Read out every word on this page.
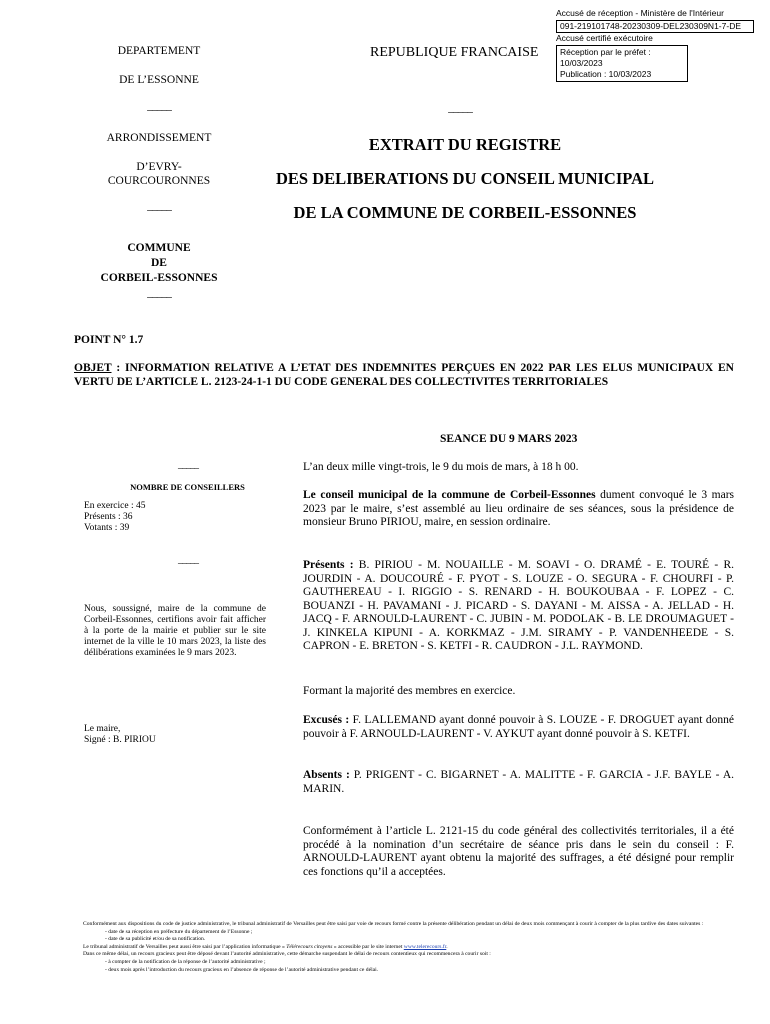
Accusé de réception - Ministère de l'Intérieur
091-219101748-20230309-DEL230309N1-7-DE
Accusé certifié exécutoire
Réception par le préfet : 10/03/2023
Publication : 10/03/2023
DEPARTEMENT
DE L’ESSONNE
_____
ARRONDISSEMENT
D’EVRY-
COURCOURONNES
_____
COMMUNE
DE
CORBEIL-ESSONNES
_____
REPUBLIQUE FRANCAISE
_____
EXTRAIT DU REGISTRE
DES DELIBERATIONS DU CONSEIL MUNICIPAL
DE LA COMMUNE DE CORBEIL-ESSONNES
POINT N° 1.7
OBJET : INFORMATION RELATIVE A L’ETAT DES INDEMNITES PERÇUES EN 2022 PAR LES ELUS MUNICIPAUX EN VERTU DE L’ARTICLE L. 2123-24-1-1 DU CODE GENERAL DES COLLECTIVITES TERRITORIALES
SEANCE DU 9 MARS 2023
_____
NOMBRE DE CONSEILLERS
En exercice : 45
Présents : 36
Votants : 39
_____
Nous, soussigné, maire de la commune de Corbeil-Essonnes, certifions avoir fait afficher à la porte de la mairie et publier sur le site internet de la ville le 10 mars 2023, la liste des délibérations examinées le 9 mars 2023.
Le maire,
Signé : B. PIRIOU
L’an deux mille vingt-trois, le 9 du mois de mars, à 18 h 00.
Le conseil municipal de la commune de Corbeil-Essonnes dument convoqué le 3 mars 2023 par le maire, s’est assemblé au lieu ordinaire de ses séances, sous la présidence de monsieur Bruno PIRIOU, maire, en session ordinaire.
Présents : B. PIRIOU - M. NOUAILLE - M. SOAVI - O. DRAMÉ - E. TOURÉ - R. JOURDIN - A. DOUCOURÉ - F. PYOT - S. LOUZE - O. SEGURA - F. CHOURFI - P. GAUTHEREAU - I. RIGGIO - S. RENARD - H. BOUKOUBAA - F. LOPEZ - C. BOUANZI - H. PAVAMANI - J. PICARD - S. DAYANI - M. AISSA - A. JELLAD - H. JACQ - F. ARNOULD-LAURENT - C. JUBIN - M. PODOLAK - B. LE DROUMAGUET - J. KINKELA KIPUNI - A. KORKMAZ - J.M. SIRAMY - P. VANDENHEEDE - S. CAPRON - E. BRETON - S. KETFI - R. CAUDRON - J.L. RAYMOND.
Formant la majorité des membres en exercice.
Excusés : F. LALLEMAND ayant donné pouvoir à S. LOUZE - F. DROGUET ayant donné pouvoir à F. ARNOULD-LAURENT - V. AYKUT ayant donné pouvoir à S. KETFI.
Absents : P. PRIGENT - C. BIGARNET - A. MALITTE - F. GARCIA - J.F. BAYLE - A. MARIN.
Conformément à l’article L. 2121-15 du code général des collectivités territoriales, il a été procédé à la nomination d’un secrétaire de séance pris dans le sein du conseil : F. ARNOULD-LAURENT ayant obtenu la majorité des suffrages, a été désigné pour remplir ces fonctions qu’il a acceptées.
Conformément aux dispositions du code de justice administrative, le tribunal administratif de Versailles peut être saisi par voie de recours formé contre la présente délibération pendant un délai de deux mois commençant à courir à compter de la plus tardive des dates suivantes :
- date de sa réception en préfecture du département de l’Essonne ;
- date de sa publicité et/ou de sa notification.
Le tribunal administratif de Versailles peut aussi être saisi par l’application informatique « Télérecours citoyens » accessible par le site internet www.telerecours.fr.
Dans ce même délai, un recours gracieux peut être déposé devant l’autorité administrative, cette démarche suspendant le délai de recours contentieux qui recommencera à courir soit :
- à compter de la notification de la réponse de l’autorité administrative ;
- deux mois après l’introduction du recours gracieux en l’absence de réponse de l’autorité administrative pendant ce délai.
